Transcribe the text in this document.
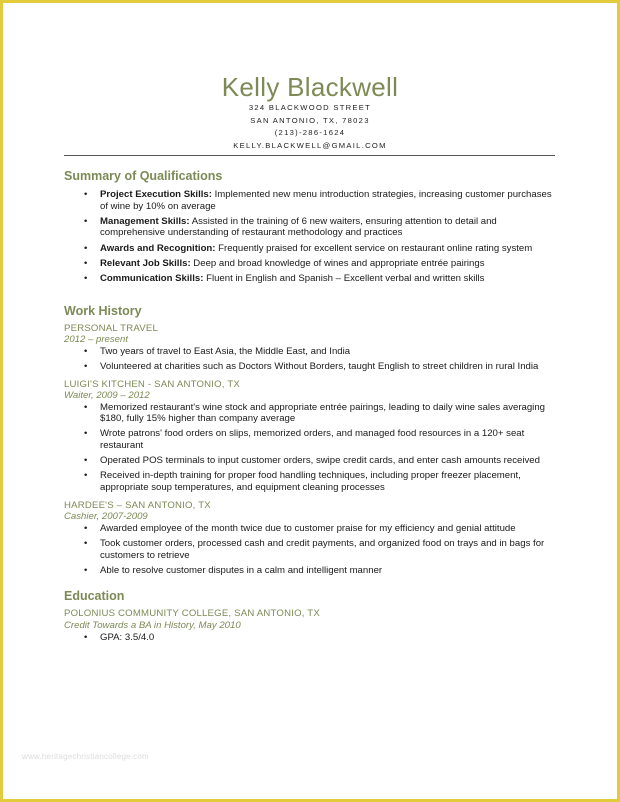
Kelly Blackwell
324 BLACKWOOD STREET
SAN ANTONIO, TX, 78023
(213)-286-1624
KELLY.BLACKWELL@GMAIL.COM
Summary of Qualifications
• Project Execution Skills: Implemented new menu introduction strategies, increasing customer purchases of wine by 10% on average
• Management Skills: Assisted in the training of 6 new waiters, ensuring attention to detail and comprehensive understanding of restaurant methodology and practices
• Awards and Recognition: Frequently praised for excellent service on restaurant online rating system
• Relevant Job Skills: Deep and broad knowledge of wines and appropriate entrée pairings
• Communication Skills: Fluent in English and Spanish – Excellent verbal and written skills
Work History
PERSONAL TRAVEL
2012 – present
• Two years of travel to East Asia, the Middle East, and India
• Volunteered at charities such as Doctors Without Borders, taught English to street children in rural India
LUIGI'S KITCHEN - SAN ANTONIO, TX
Waiter, 2009 – 2012
• Memorized restaurant's wine stock and appropriate entrée pairings, leading to daily wine sales averaging $180, fully 15% higher than company average
• Wrote patrons' food orders on slips, memorized orders, and managed food resources in a 120+ seat restaurant
• Operated POS terminals to input customer orders, swipe credit cards, and enter cash amounts received
• Received in-depth training for proper food handling techniques, including proper freezer placement, appropriate soup temperatures, and equipment cleaning processes
HARDEE'S – SAN ANTONIO, TX
Cashier, 2007-2009
• Awarded employee of the month twice due to customer praise for my efficiency and genial attitude
• Took customer orders, processed cash and credit payments, and organized food on trays and in bags for customers to retrieve
• Able to resolve customer disputes in a calm and intelligent manner
Education
POLONIUS COMMUNITY COLLEGE, SAN ANTONIO, TX
Credit Towards a BA in History, May 2010
• GPA: 3.5/4.0
www.heritagechristiancollege.com
